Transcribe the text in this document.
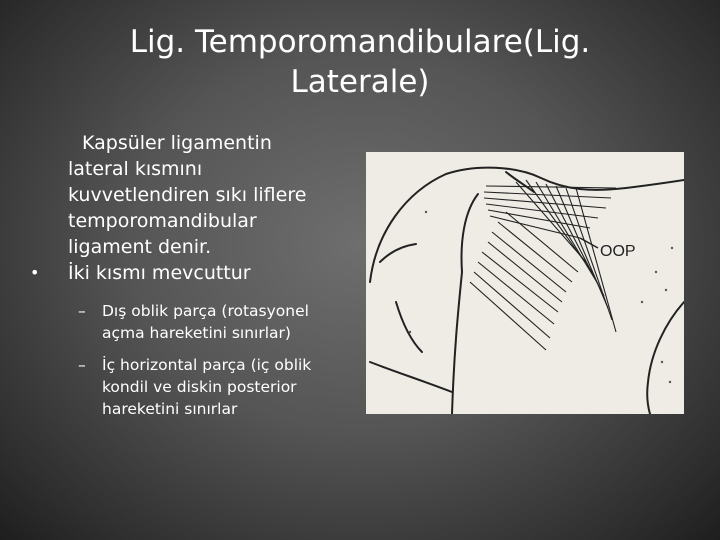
Lig. Temporomandibulare(Lig.
Laterale)
Kapsüler ligamentin
lateral kısmını
kuvvetlendiren sıkı liflere
temporomandibular
ligament denir.
• İki kısmı mevcuttur
– Dış oblik parça (rotasyonel
açma hareketini sınırlar)
– İç horizontal parça (iç oblik
kondil ve diskin posterior
hareketini sınırlar
OOP
